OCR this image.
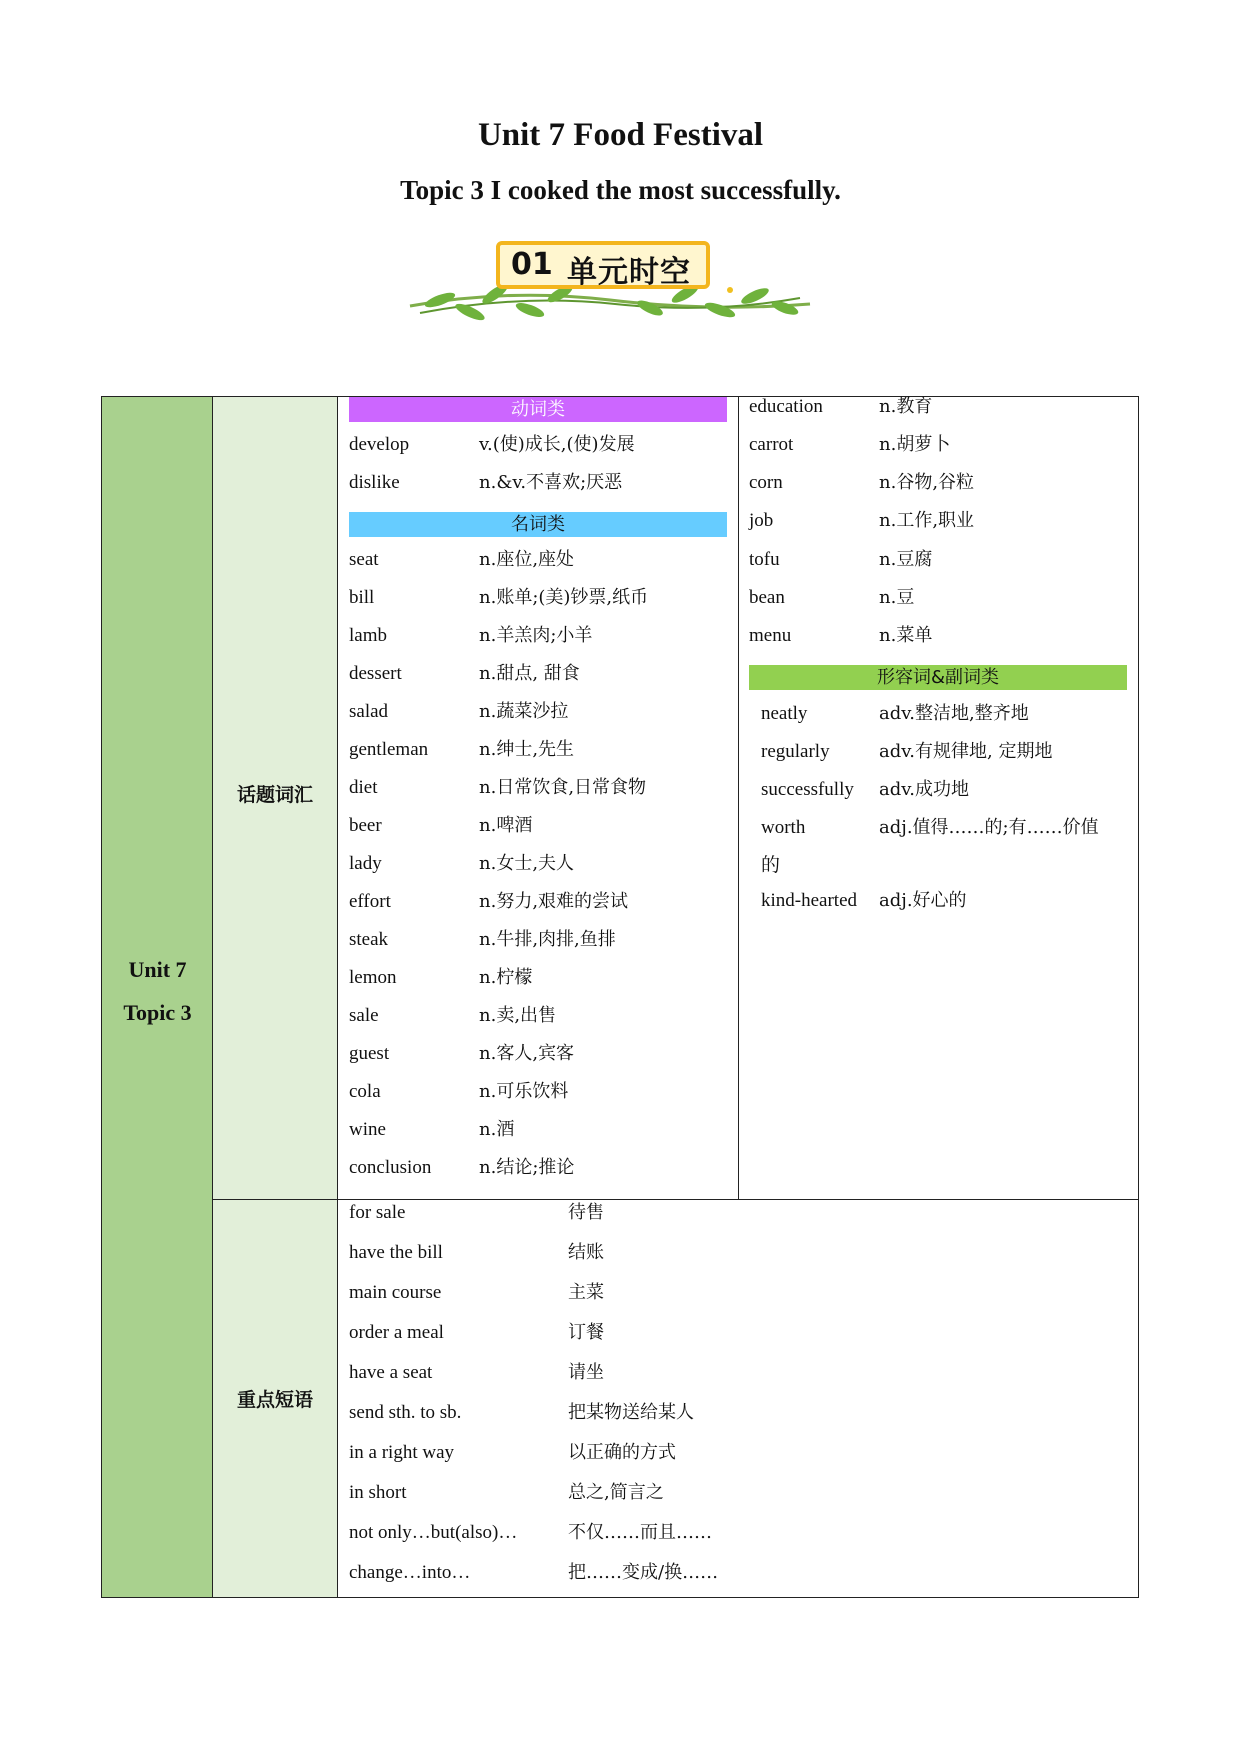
Unit 7 Food Festival
Topic 3 I cooked the most successfully.
01 单元时空
Unit 7
Topic 3
话题词汇
重点短语
动词类
develop	v.(使)成长,(使)发展
dislike	n.&v.不喜欢;厌恶
名词类
seat	n.座位,座处
bill	n.账单;(美)钞票,纸币
lamb	n.羊羔肉;小羊
dessert	n.甜点, 甜食
salad	n.蔬菜沙拉
gentleman	n.绅士,先生
diet	n.日常饮食,日常食物
beer	n.啤酒
lady	n.女士,夫人
effort	n.努力,艰难的尝试
steak	n.牛排,肉排,鱼排
lemon	n.柠檬
sale	n.卖,出售
guest	n.客人,宾客
cola	n.可乐饮料
wine	n.酒
conclusion	n.结论;推论
education	n.教育
carrot	n.胡萝卜
corn	n.谷物,谷粒
job	n.工作,职业
tofu	n.豆腐
bean	n.豆
menu	n.菜单
形容词&副词类
neatly	adv.整洁地,整齐地
regularly	adv.有规律地, 定期地
successfully adv.成功地
worth	adj.值得……的;有……价值
的
kind-hearted adj.好心的
for sale	待售
have the bill	结账
main course	主菜
order a meal	订餐
have a seat	请坐
send sth. to sb.	把某物送给某人
in a right way	以正确的方式
in short	总之,简言之
not only…but(also)…	不仅……而且……
change…into…	把……变成/换……
